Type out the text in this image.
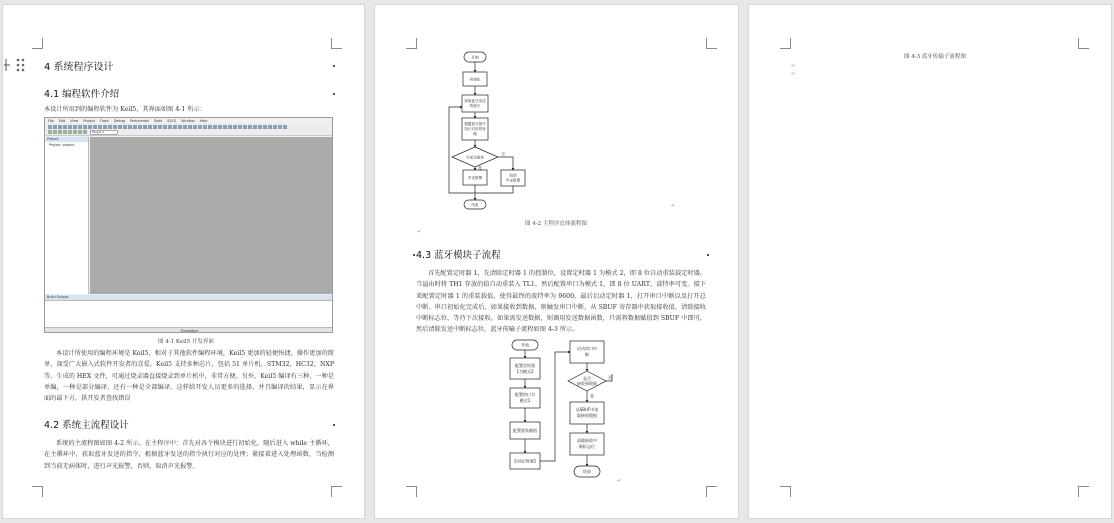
4 系统程序设计
4.1 编程软件介绍
本设计所用到的编程软件为 Keil5，其界面如图 4-1 所示：
File Edit View Project Flash Debug Peripherals Tools SVCS Window Help
Target 1
Project
Project: project
Build Output
Simulation
图 4-1 Keil5 开发界面
本设计所使用的编程环境是 Keil5，相对于其他软件编程环境，Keil5 更加的轻便快捷，操作更加的简单，深受广大嵌入式软件开发者的喜爱。Keil5 支持多种芯片，包括 51 单片机、STM32、HC32、NXP 等。生成的 HEX 文件，可通过烧录器直接烧录到单片机中，非常方便。另外，Keil5 编译有三种，一种是单编，一种是部分编译，还有一种是全部编译，这样给开发人员更多的选择，并且编译的结果，显示在界面的最下方，供开发者查找错误
4.2 系统主流程设计
系统的主流程图如图 4-2 所示。在主程序中：首先对各个模块进行初始化，随后进入 while 主循环，在主循环中，获取蓝牙发送的指令，根据蓝牙发送的指令执行对应的处理；紧接着进入处理函数，当检测到当前无病体时，进行声光报警，否则，取消声光报警。
开始
初始化
获取蓝牙发送
的指令
根据蓝牙指令
执行对应的处
理
当前无病体
是
否
声光报警
取消
声光报警
结束
图 4-2 主程序总体流程图
↵
↵
4.3 蓝牙模块子流程
首先配置定时器 1，先清除定时器 1 的控制位，设置定时器 1 为模式 2，即 8 位自动重装载定时器，当溢出时将 TH1 存放的值自动重装入 TL1。然后配置串口为模式 1，即 8 位 UART，波特率可变。接下来配置定时器 1 的重装载值，使得最终的波特率为 9600。最后启动定时器 1，打开串口中断以及打开总中断。串口初始化完成后，如果接收到数据，则触发串口中断，从 SBUF 寄存器中获取接收值，清除接收中断标志位，等待下次接收。如果需发送数据，则调用发送数据函数，只需将数据赋值到 SBUF 中即可，然后清除发送中断标志位，蓝牙传输子流程如图 4-3 所示。
开始
配置定时器
1为模式2
配置串口为
模式1
配置重装载值
启动定时器1
启动串口中
断
是否
接收到数据
是
否
从SBUF中读
取接收数据
清除接收中
断标志位
结束
↵
图 4-3 蓝牙传输子流程图
↵
↵
